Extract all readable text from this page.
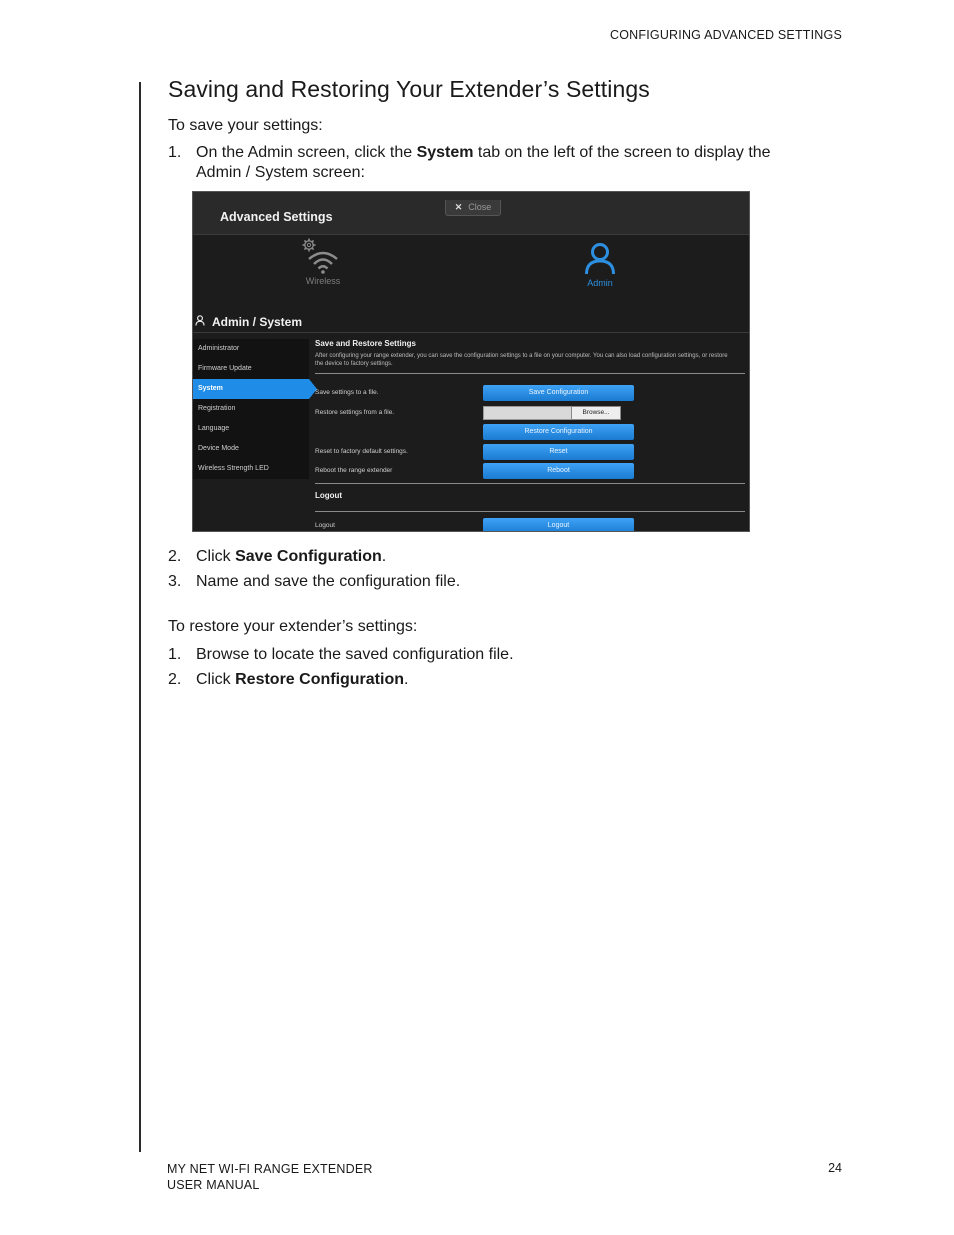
CONFIGURING ADVANCED SETTINGS
Saving and Restoring Your Extender’s Settings

To save your settings:

1. On the Admin screen, click the System tab on the left of the screen to display the Admin / System screen:
2. Click Save Configuration.
3. Name and save the configuration file.

To restore your extender’s settings:

1. Browse to locate the saved configuration file.
2. Click Restore Configuration.
Advanced Settings
✕ Close
Wireless	Admin
Admin / System
Administrator
Firmware Update
System
Registration
Language
Device Mode
Wireless Strength LED
Save and Restore Settings
After configuring your range extender, you can save the configuration settings to a file on your computer. You can also load configuration settings, or restore the device to factory settings.
Save settings to a file.	Save Configuration
Restore settings from a file.	Browse...
Restore Configuration
Reset to factory default settings.	Reset
Reboot the range extender	Reboot
Logout
Logout	Logout
MY NET WI-FI RANGE EXTENDER
USER MANUAL
24
